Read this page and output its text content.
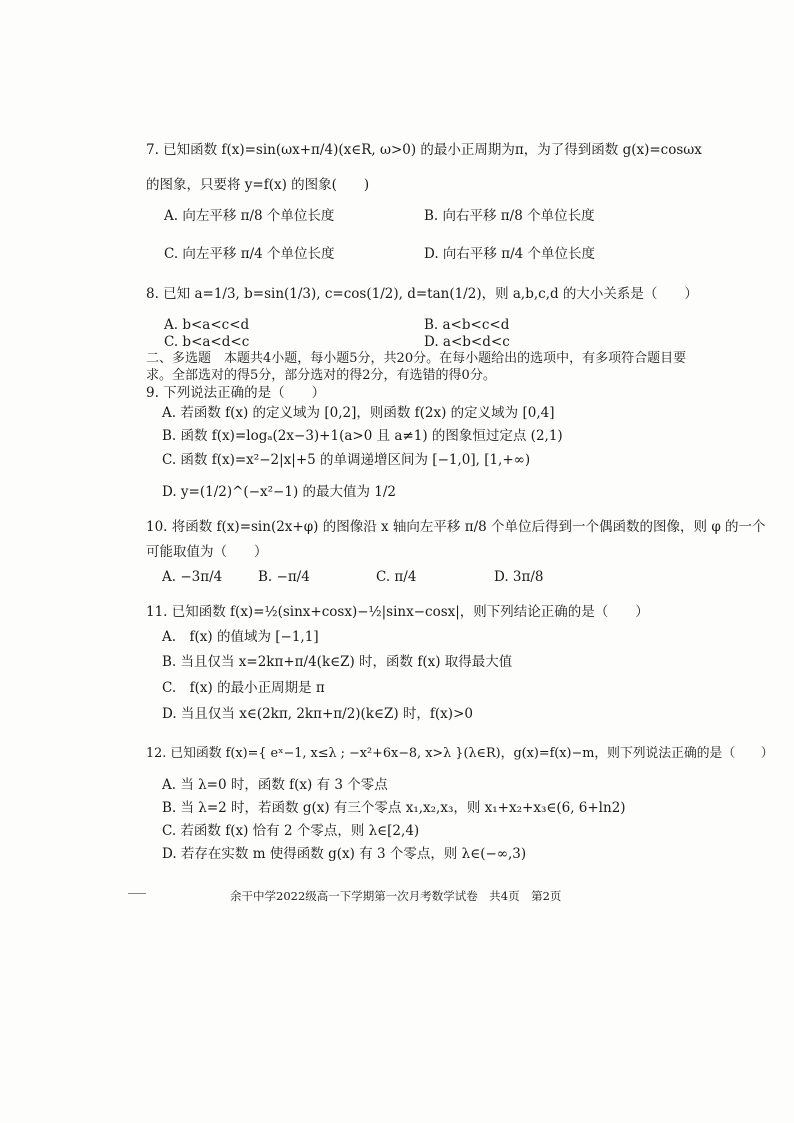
7. 已知函数 f(x)=sin(ωx+π/4)(x∈R, ω>0) 的最小正周期为π，为了得到函数 g(x)=cosωx
的图象，只要将 y=f(x) 的图象(　　)
A. 向左平移 π/8 个单位长度	B. 向右平移 π/8 个单位长度
C. 向左平移 π/4 个单位长度	D. 向右平移 π/4 个单位长度
8. 已知 a=1/3, b=sin(1/3), c=cos(1/2), d=tan(1/2)，则 a,b,c,d 的大小关系是（　　）
A. b<a<c<d	B. a<b<c<d
C. b<a<d<c	D. a<b<d<c
二、多选题　本题共4小题，每小题5分，共20分。在每小题给出的选项中，有多项符合题目要
求。全部选对的得5分，部分选对的得2分，有选错的得0分。
9. 下列说法正确的是（　　）
A. 若函数 f(x) 的定义域为 [0,2]，则函数 f(2x) 的定义域为 [0,4]
B. 函数 f(x)=logₐ(2x−3)+1(a>0 且 a≠1) 的图象恒过定点 (2,1)
C. 函数 f(x)=x²−2|x|+5 的单调递增区间为 [−1,0], [1,+∞)
D. y=(1/2)^(−x²−1) 的最大值为 1/2
10. 将函数 f(x)=sin(2x+φ) 的图像沿 x 轴向左平移 π/8 个单位后得到一个偶函数的图像，则 φ 的一个
可能取值为（　　）
A. −3π/4	B. −π/4	C. π/4	D. 3π/8
11. 已知函数 f(x)=½(sinx+cosx)−½|sinx−cosx|，则下列结论正确的是（　　）
A.　f(x) 的值域为 [−1,1]
B. 当且仅当 x=2kπ+π/4(k∈Z) 时，函数 f(x) 取得最大值
C.　f(x) 的最小正周期是 π
D. 当且仅当 x∈(2kπ, 2kπ+π/2)(k∈Z) 时，f(x)>0
12. 已知函数 f(x)={ eˣ−1, x≤λ ; −x²+6x−8, x>λ }(λ∈R)，g(x)=f(x)−m，则下列说法正确的是（　　）
A. 当 λ=0 时，函数 f(x) 有 3 个零点
B. 当 λ=2 时，若函数 g(x) 有三个零点 x₁,x₂,x₃，则 x₁+x₂+x₃∈(6, 6+ln2)
C. 若函数 f(x) 恰有 2 个零点，则 λ∈[2,4)
D. 若存在实数 m 使得函数 g(x) 有 3 个零点，则 λ∈(−∞,3)
余干中学2022级高一下学期第一次月考数学试卷　共4页　第2页
